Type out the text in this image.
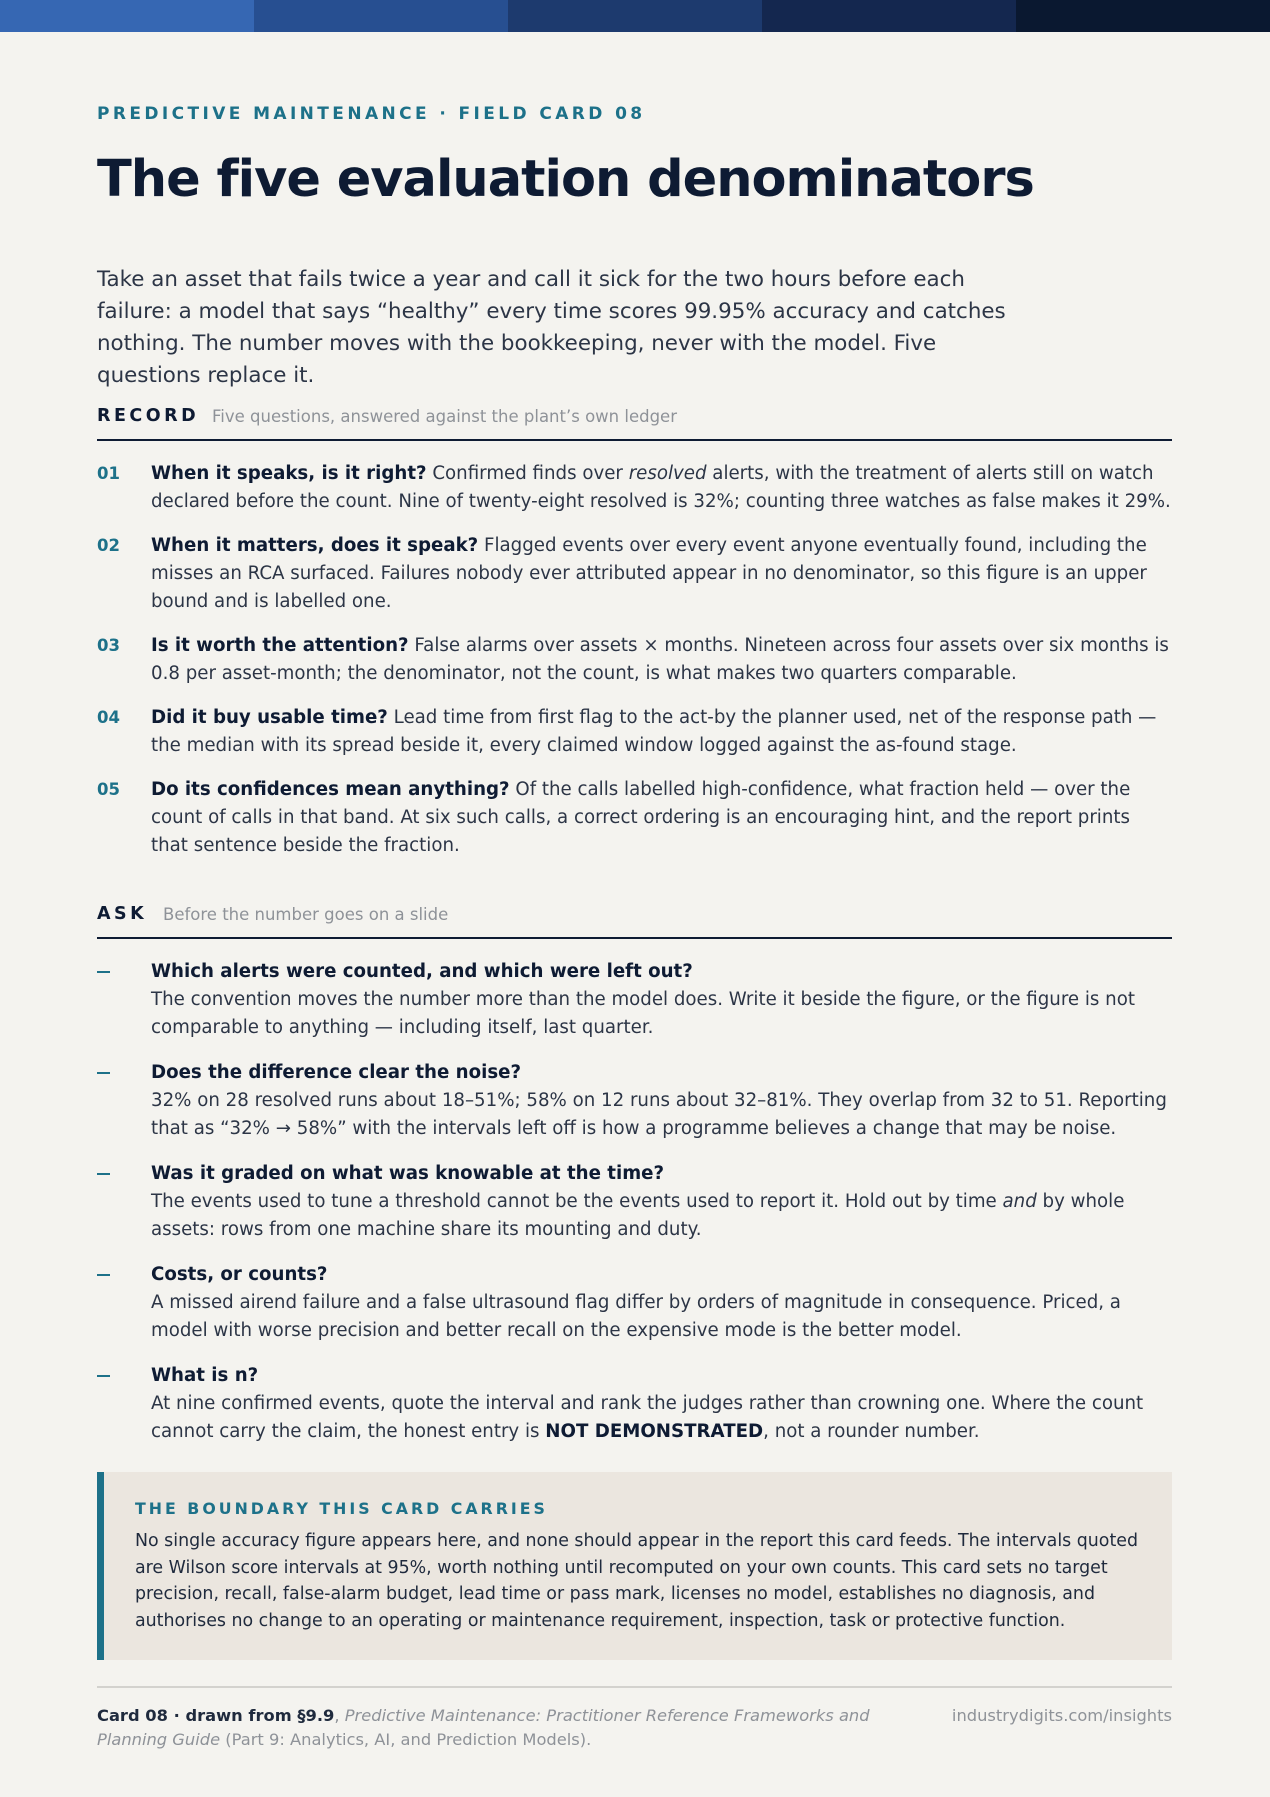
PREDICTIVE MAINTENANCE · FIELD CARD 08
The five evaluation denominators

Take an asset that fails twice a year and call it sick for the two hours before each failure: a model that says “healthy” every time scores 99.95% accuracy and catches nothing. The number moves with the bookkeeping, never with the model. Five questions replace it.

RECORD Five questions, answered against the plant’s own ledger
01 When it speaks, is it right? Confirmed finds over resolved alerts, with the treatment of alerts still on watch declared before the count. Nine of twenty-eight resolved is 32%; counting three watches as false makes it 29%.
02 When it matters, does it speak? Flagged events over every event anyone eventually found, including the misses an RCA surfaced. Failures nobody ever attributed appear in no denominator, so this figure is an upper bound and is labelled one.
03 Is it worth the attention? False alarms over assets × months. Nineteen across four assets over six months is 0.8 per asset-month; the denominator, not the count, is what makes two quarters comparable.
04 Did it buy usable time? Lead time from first flag to the act-by the planner used, net of the response path — the median with its spread beside it, every claimed window logged against the as-found stage.
05 Do its confidences mean anything? Of the calls labelled high-confidence, what fraction held — over the count of calls in that band. At six such calls, a correct ordering is an encouraging hint, and the report prints that sentence beside the fraction.
ASK Before the number goes on a slide
Which alerts were counted, and which were left out?
The convention moves the number more than the model does. Write it beside the figure, or the figure is not comparable to anything — including itself, last quarter.
Does the difference clear the noise?
32% on 28 resolved runs about 18–51%; 58% on 12 runs about 32–81%. They overlap from 32 to 51. Reporting that as “32% → 58%” with the intervals left off is how a programme believes a change that may be noise.
Was it graded on what was knowable at the time?
The events used to tune a threshold cannot be the events used to report it. Hold out by time and by whole assets: rows from one machine share its mounting and duty.
Costs, or counts?
A missed airend failure and a false ultrasound flag differ by orders of magnitude in consequence. Priced, a model with worse precision and better recall on the expensive mode is the better model.
What is n?
At nine confirmed events, quote the interval and rank the judges rather than crowning one. Where the count cannot carry the claim, the honest entry is NOT DEMONSTRATED, not a rounder number.
THE BOUNDARY THIS CARD CARRIES

No single accuracy figure appears here, and none should appear in the report this card feeds. The intervals quoted are Wilson score intervals at 95%, worth nothing until recomputed on your own counts. This card sets no target precision, recall, false-alarm budget, lead time or pass mark, licenses no model, establishes no diagnosis, and authorises no change to an operating or maintenance requirement, inspection, task or protective function.

Card 08 · drawn from §9.9, Predictive Maintenance: Practitioner Reference Frameworks and Planning Guide (Part 9: Analytics, AI, and Prediction Models).
industrydigits.com/insights
